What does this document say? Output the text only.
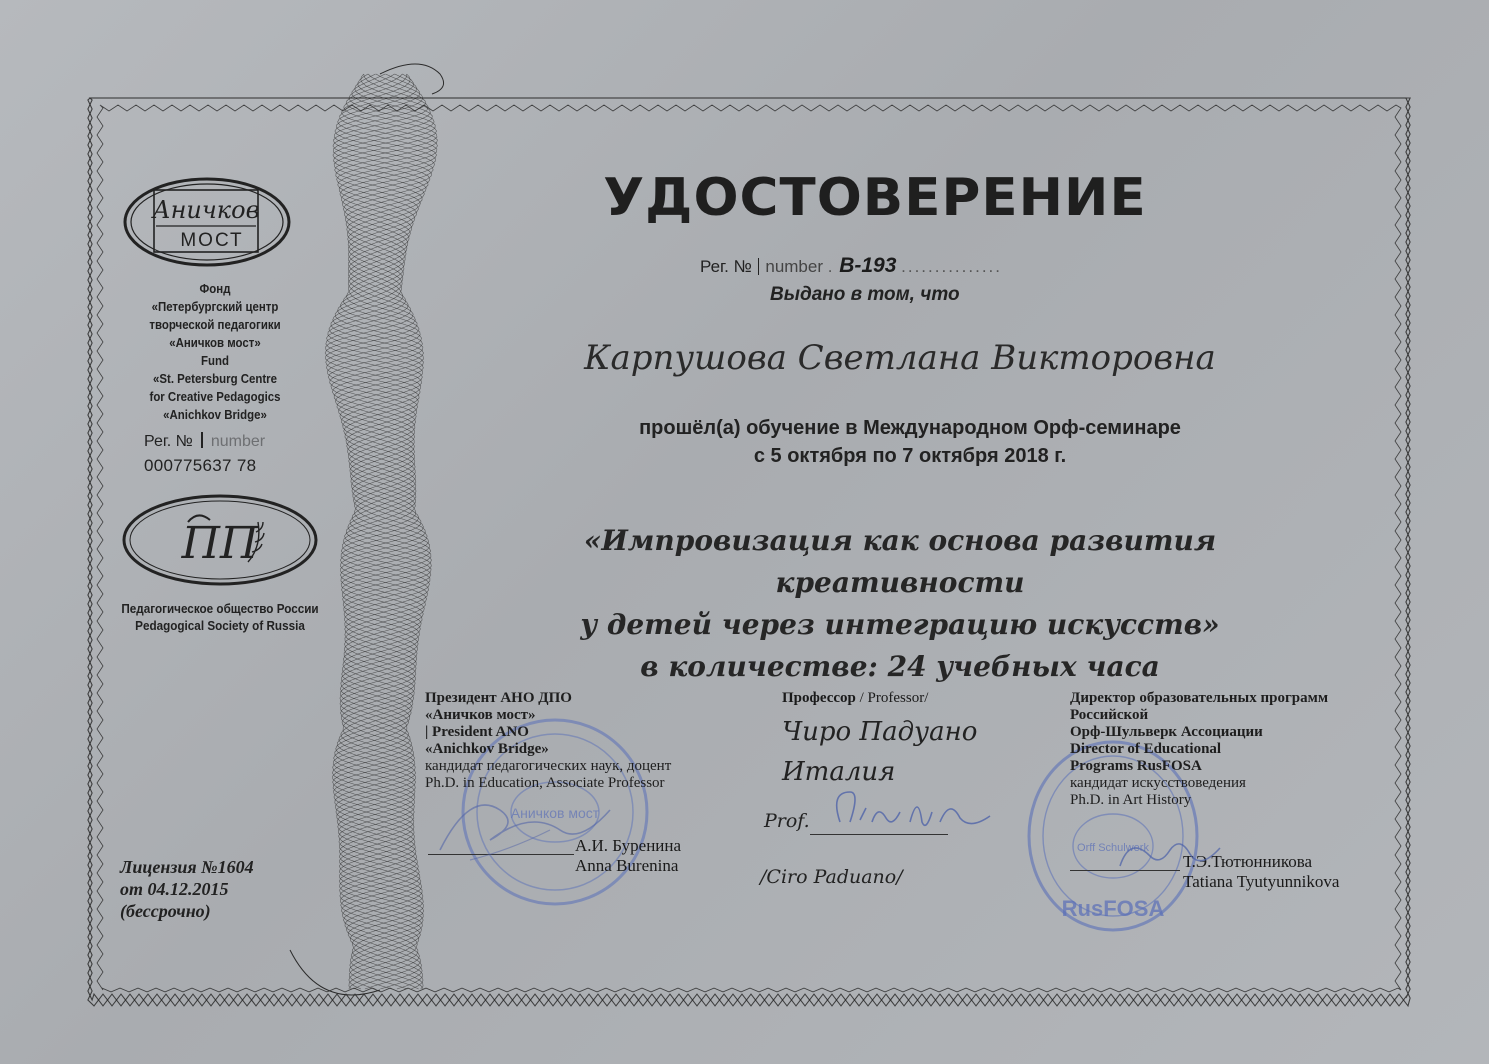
Аничков
МОСТ
Фонд
«Петербургский центр
творческой педагогики
«Аничков мост»
Fund
«St. Petersburg Centre
for Creative Pedagogics
«Anichkov Bridge»
Рег. № number
000775637 78
ПП
Педагогическое общество России
Pedagogical Society of Russia
Лицензия №1604
от 04.12.2015
(бессрочно)
УДОСТОВЕРЕНИЕ
Рег. № number . В-193 ...............
Выдано в том, что
Карпушова Светлана Викторовна
прошёл(а) обучение в Международном Орф-семинаре
с 5 октября по 7 октября 2018 г.
«Импровизация как основа развития креативности
у детей через интеграцию искусств»
в количестве: 24 учебных часа
Аничков мост
Orff Schulwerk
RusFOSA
Президент АНО ДПО
«Аничков мост»
| President ANO
«Anichkov Bridge»
кандидат педагогических наук, доцент
Ph.D. in Education, Associate Professor
А.И. Буренина
Anna Burenina
Профессор / Professor/
Чиро Падуано
Италия
Prof.
/Ciro Paduano/
Директор образовательных программ
Российской
Орф-Шульверк Ассоциации
Director of Educational
Programs RusFOSA
кандидат искусствоведения
Ph.D. in Art History
Т.Э.Тютюнникова
Tatiana Tyutyunnikova
